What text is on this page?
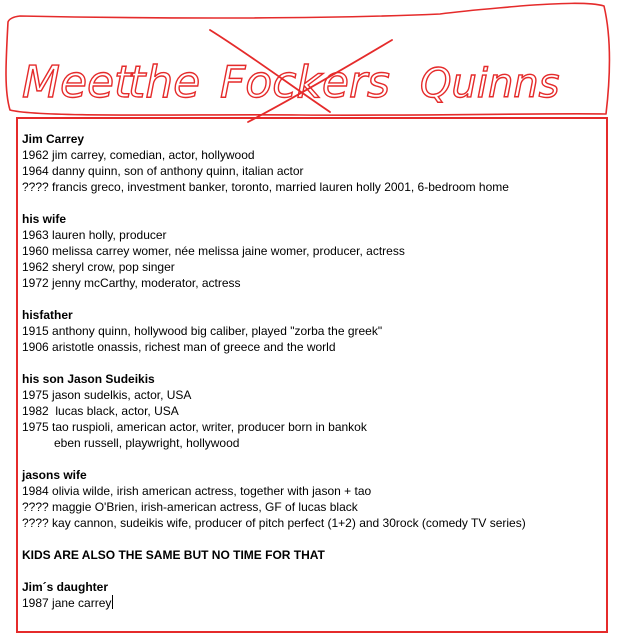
Meet
the Fockers Quinns
Jim Carrey
1962 jim carrey, comedian, actor, hollywood
1964 danny quinn, son of anthony quinn, italian actor
???? francis greco, investment banker, toronto, married lauren holly 2001, 6-bedroom home
his wife
1963 lauren holly, producer
1960 melissa carrey womer, née melissa jaine womer, producer, actress
1962 sheryl crow, pop singer
1972 jenny mcCarthy, moderator, actress
hisfather
1915 anthony quinn, hollywood big caliber, played "zorba the greek"
1906 aristotle onassis, richest man of greece and the world
his son Jason Sudeikis
1975 jason sudelkis, actor, USA
1982  lucas black, actor, USA
1975 tao ruspioli, american actor, writer, producer born in bankok
eben russell, playwright, hollywood
jasons wife
1984 olivia wilde, irish american actress, together with jason + tao
???? maggie O'Brien, irish-american actress, GF of lucas black
???? kay cannon, sudeikis wife, producer of pitch perfect (1+2) and 30rock (comedy TV series)
KIDS ARE ALSO THE SAME BUT NO TIME FOR THAT
Jim´s daughter
1987 jane carrey
